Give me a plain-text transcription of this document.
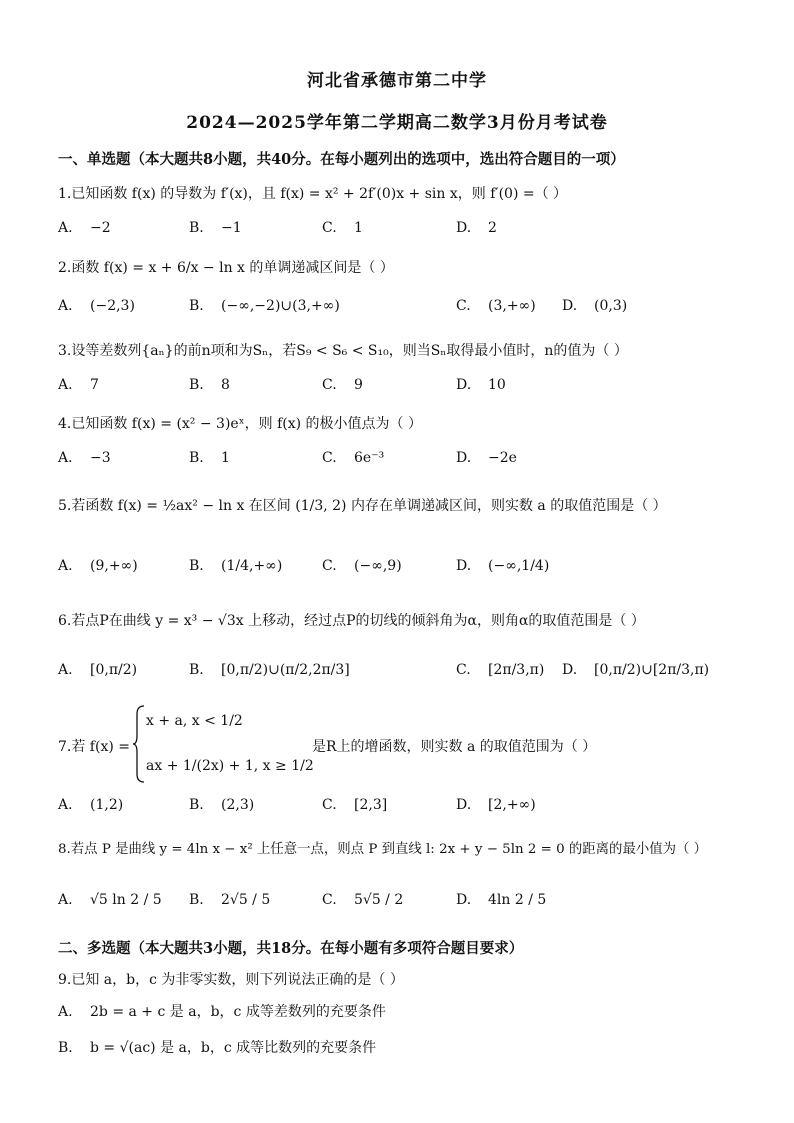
河北省承德市第二中学
2024—2025学年第二学期高二数学3月份月考试卷
一、单选题（本大题共8小题，共40分。在每小题列出的选项中，选出符合题目的一项）
1.已知函数 f(x) 的导数为 f′(x)，且 f(x) = x² + 2f′(0)x + sin x，则 f′(0) =（ ）
A. −2	B. −1	C. 1	D. 2
2.函数 f(x) = x + 6/x − ln x 的单调递减区间是（ ）
A. (−2,3)	B. (−∞,−2)∪(3,+∞)	C. (3,+∞) D. (0,3)
3.设等差数列{aₙ}的前n项和为Sₙ，若S₉ < S₆ < S₁₀，则当Sₙ取得最小值时，n的值为（ ）
A. 7	B. 8	C. 9	D. 10
4.已知函数 f(x) = (x² − 3)eˣ，则 f(x) 的极小值点为（ ）
A. −3	B. 1	C. 6e⁻³	D. −2e
5.若函数 f(x) = ½ax² − ln x 在区间 (1/3, 2) 内存在单调递减区间，则实数 a 的取值范围是（ ）
A. (9,+∞)	B. (1/4,+∞)	C. (−∞,9)	D. (−∞,1/4)
6.若点P在曲线 y = x³ − √3x 上移动，经过点P的切线的倾斜角为α，则角α的取值范围是（ ）
A. [0,π/2)	B. [0,π/2)∪(π/2,2π/3]	C. [2π/3,π) D. [0,π/2)∪[2π/3,π)
7.若 f(x) =
x + a, x < 1/2
ax + 1/(2x) + 1, x ≥ 1/2
是R上的增函数，则实数 a 的取值范围为（ ）
A. (1,2)	B. (2,3)	C. [2,3]	D. [2,+∞)
8.若点 P 是曲线 y = 4ln x − x² 上任意一点，则点 P 到直线 l: 2x + y − 5ln 2 = 0 的距离的最小值为（ ）
A. √5 ln 2 / 5 B. 2√5 / 5	C. 5√5 / 2	D. 4ln 2 / 5
二、多选题（本大题共3小题，共18分。在每小题有多项符合题目要求）
9.已知 a，b，c 为非零实数，则下列说法正确的是（ ）
A. 2b = a + c 是 a，b，c 成等差数列的充要条件
B. b = √(ac) 是 a，b，c 成等比数列的充要条件
